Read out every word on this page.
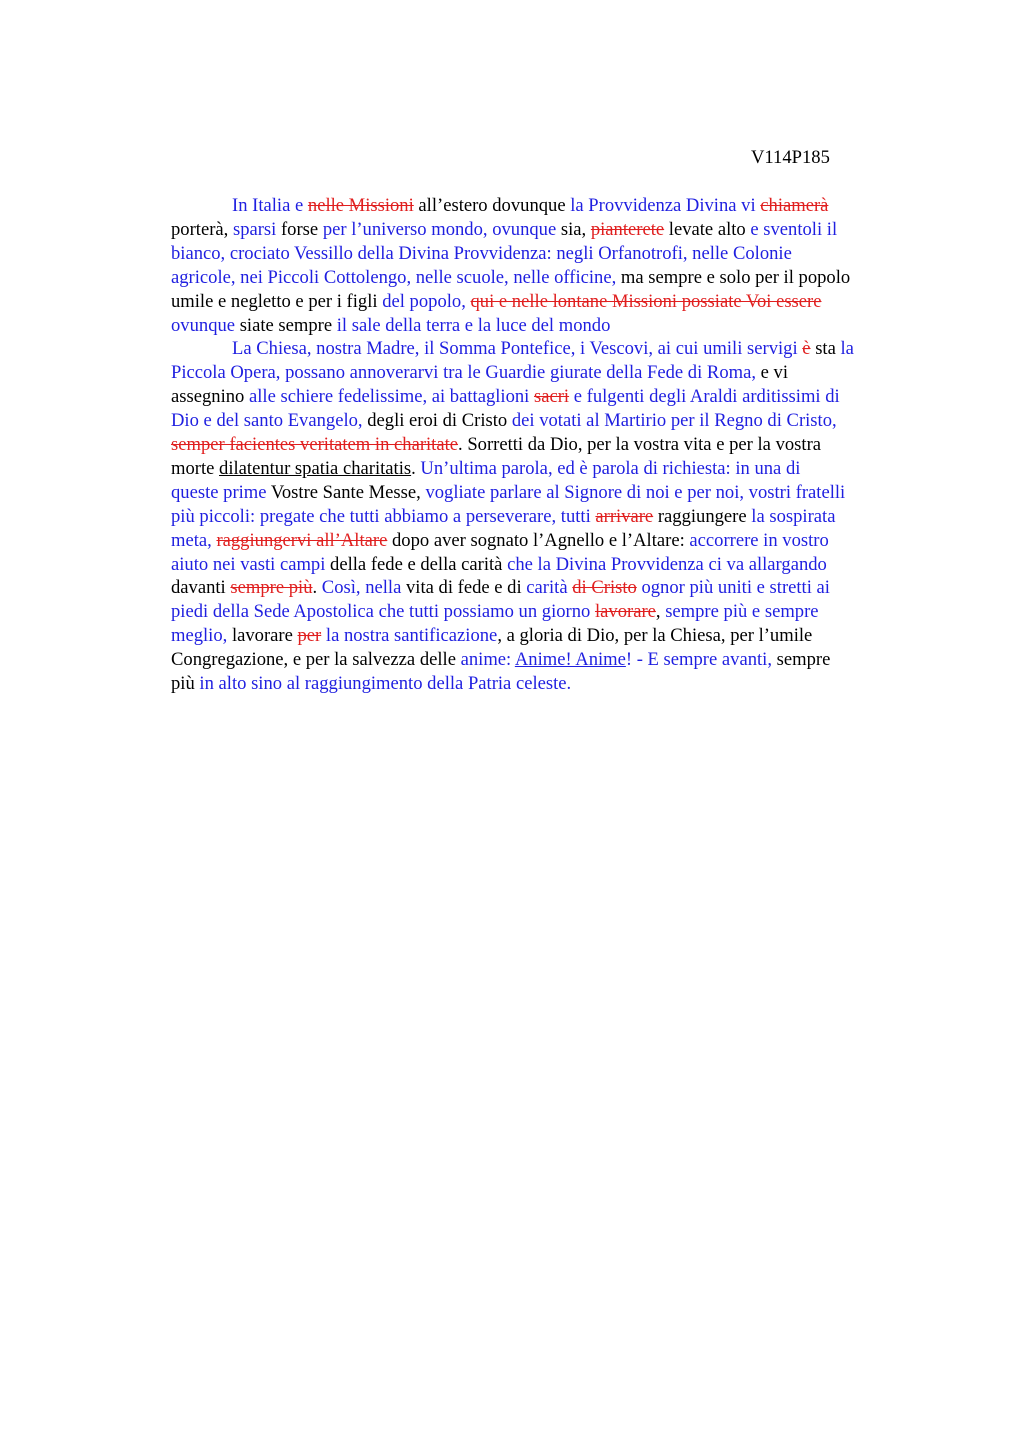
V114P185
In Italia e nelle Missioni all’estero dovunque la Provvidenza Divina vi chiamerà
porterà, sparsi forse per l’universo mondo, ovunque sia, pianterete levate alto e sventoli il
bianco, crociato Vessillo della Divina Provvidenza: negli Orfanotrofi, nelle Colonie
agricole, nei Piccoli Cottolengo, nelle scuole, nelle officine, ma sempre e solo per il popolo
umile e negletto e per i figli del popolo, qui e nelle lontane Missioni possiate Voi essere
ovunque siate sempre il sale della terra e la luce del mondo
La Chiesa, nostra Madre, il Somma Pontefice, i Vescovi, ai cui umili servigi è sta la
Piccola Opera, possano annoverarvi tra le Guardie giurate della Fede di Roma, e vi
assegnino alle schiere fedelissime, ai battaglioni sacri e fulgenti degli Araldi arditissimi di
Dio e del santo Evangelo, degli eroi di Cristo dei votati al Martirio per il Regno di Cristo,
semper facientes veritatem in charitate. Sorretti da Dio, per la vostra vita e per la vostra
morte dilatentur spatia charitatis. Un’ultima parola, ed è parola di richiesta: in una di
queste prime Vostre Sante Messe, vogliate parlare al Signore di noi e per noi, vostri fratelli
più piccoli: pregate che tutti abbiamo a perseverare, tutti arrivare raggiungere la sospirata
meta, raggiungervi all’Altare dopo aver sognato l’Agnello e l’Altare: accorrere in vostro
aiuto nei vasti campi della fede e della carità che la Divina Provvidenza ci va allargando
davanti sempre più. Così, nella vita di fede e di carità di Cristo ognor più uniti e stretti ai
piedi della Sede Apostolica che tutti possiamo un giorno lavorare, sempre più e sempre
meglio, lavorare per la nostra santificazione, a gloria di Dio, per la Chiesa, per l’umile
Congregazione, e per la salvezza delle anime: Anime! Anime! - E sempre avanti, sempre
più in alto sino al raggiungimento della Patria celeste.
